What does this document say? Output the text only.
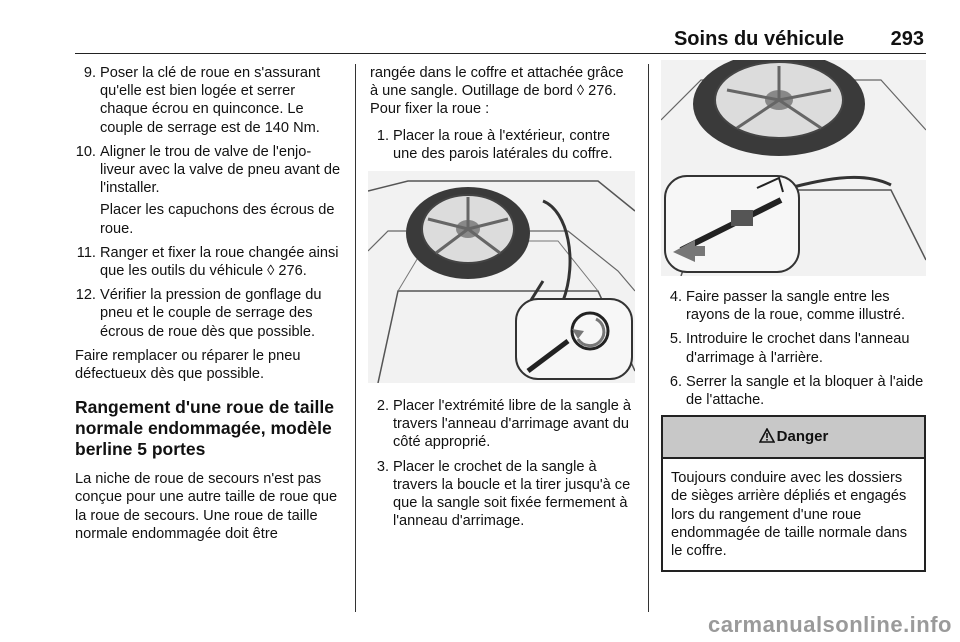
Soins du véhicule 293
9. Poser la clé de roue en s'assurant qu'elle est bien logée et serrer chaque écrou en quinconce. Le couple de serrage est de 140 Nm.
10. Aligner le trou de valve de l'enjoliveur avec la valve de pneu avant de l'installer.
Placer les capuchons des écrous de roue.
11. Ranger et fixer la roue changée ainsi que les outils du véhicule ◊ 276.
12. Vérifier la pression de gonflage du pneu et le couple de serrage des écrous de roue dès que possible.
Faire remplacer ou réparer le pneu défectueux dès que possible.
Rangement d'une roue de taille normale endommagée, modèle berline 5 portes
La niche de roue de secours n'est pas conçue pour une autre taille de roue que la roue de secours. Une roue de taille normale endommagée doit être
rangée dans le coffre et attachée grâce à une sangle. Outillage de bord ◊ 276. Pour fixer la roue :
1. Placer la roue à l'extérieur, contre une des parois latérales du coffre.
2. Placer l'extrémité libre de la sangle à travers l'anneau d'arrimage avant du côté approprié.
3. Placer le crochet de la sangle à travers la boucle et la tirer jusqu'à ce que la sangle soit fixée fermement à l'anneau d'arrimage.
4. Faire passer la sangle entre les rayons de la roue, comme illustré.
5. Introduire le crochet dans l'anneau d'arrimage à l'arrière.
6. Serrer la sangle et la bloquer à l'aide de l'attache.
Danger
Toujours conduire avec les dossiers de sièges arrière dépliés et engagés lors du rangement d'une roue endommagée de taille normale dans le coffre.
carmanualsonline.info
